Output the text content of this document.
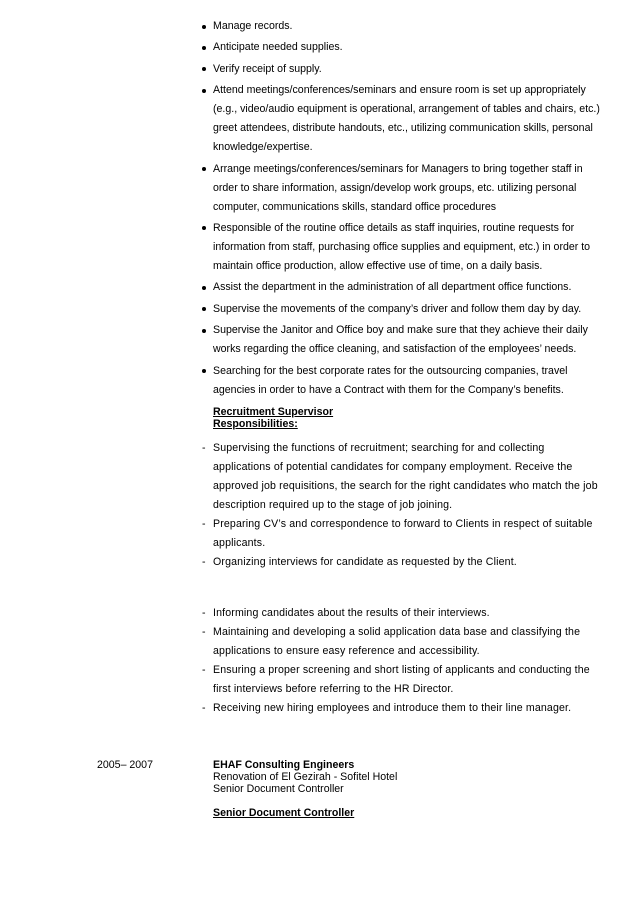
Manage records.
Anticipate needed supplies.
Verify receipt of supply.
Attend meetings/conferences/seminars and ensure room is set up appropriately (e.g., video/audio equipment is operational, arrangement of tables and chairs, etc.) greet attendees, distribute handouts, etc., utilizing communication skills, personal knowledge/expertise.
Arrange meetings/conferences/seminars for Managers to bring together staff in order to share information, assign/develop work groups, etc. utilizing personal computer, communications skills, standard office procedures
Responsible of the routine office details as staff inquiries, routine requests for information from staff, purchasing office supplies and equipment, etc.) in order to maintain office production, allow effective use of time, on a daily basis.
Assist the department in the administration of all department office functions.
Supervise the movements of the company’s driver and follow them day by day.
Supervise the Janitor and Office boy and make sure that they achieve their daily works regarding the office cleaning, and satisfaction of the employees’ needs.
Searching for the best corporate rates for the outsourcing companies, travel agencies in order to have a Contract with them for the Company’s benefits.
Recruitment Supervisor
Responsibilities:
- Supervising the functions of recruitment; searching for and collecting applications of potential candidates for company employment. Receive the approved job requisitions, the search for the right candidates who match the job description required up to the stage of job joining.
- Preparing CV’s and correspondence to forward to Clients in respect of suitable applicants.
- Organizing interviews for candidate as requested by the Client.
- Informing candidates about the results of their interviews.
- Maintaining and developing a solid application data base and classifying the applications to ensure easy reference and accessibility.
- Ensuring a proper screening and short listing of applicants and conducting the first interviews before referring to the HR Director.
- Receiving new hiring employees and introduce them to their line manager.
2005– 2007	EHAF Consulting Engineers
Renovation of El Gezirah - Sofitel Hotel
Senior Document Controller
Senior Document Controller
